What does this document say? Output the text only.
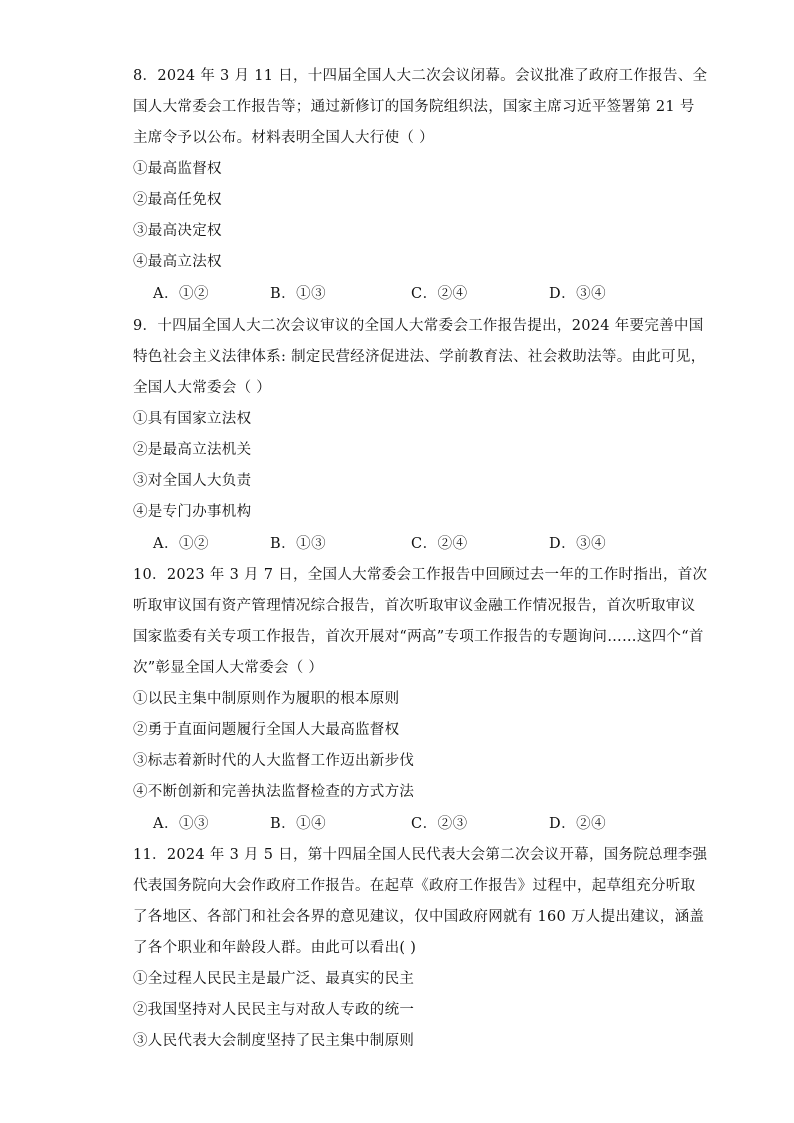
8．2024 年 3 月 11 日，十四届全国人大二次会议闭幕。会议批准了政府工作报告、全
国人大常委会工作报告等；通过新修订的国务院组织法，国家主席习近平签署第 21 号
主席令予以公布。材料表明全国人大行使（ ）
①最高监督权
②最高任免权
③最高决定权
④最高立法权
A．①②	B．①③	C．②④	D．③④
9．十四届全国人大二次会议审议的全国人大常委会工作报告提出，2024 年要完善中国
特色社会主义法律体系: 制定民营经济促进法、学前教育法、社会救助法等。由此可见，
全国人大常委会（ ）
①具有国家立法权
②是最高立法机关
③对全国人大负责
④是专门办事机构
A．①②	B．①③	C．②④	D．③④
10．2023 年 3 月 7 日，全国人大常委会工作报告中回顾过去一年的工作时指出，首次
听取审议国有资产管理情况综合报告，首次听取审议金融工作情况报告，首次听取审议
国家监委有关专项工作报告，首次开展对“两高”专项工作报告的专题询问……这四个“首
次”彰显全国人大常委会（ ）
①以民主集中制原则作为履职的根本原则
②勇于直面问题履行全国人大最高监督权
③标志着新时代的人大监督工作迈出新步伐
④不断创新和完善执法监督检查的方式方法
A．①③	B．①④	C．②③	D．②④
11．2024 年 3 月 5 日，第十四届全国人民代表大会第二次会议开幕，国务院总理李强
代表国务院向大会作政府工作报告。在起草《政府工作报告》过程中，起草组充分听取
了各地区、各部门和社会各界的意见建议，仅中国政府网就有 160 万人提出建议，涵盖
了各个职业和年龄段人群。由此可以看出( )
①全过程人民民主是最广泛、最真实的民主
②我国坚持对人民民主与对敌人专政的统一
③人民代表大会制度坚持了民主集中制原则
